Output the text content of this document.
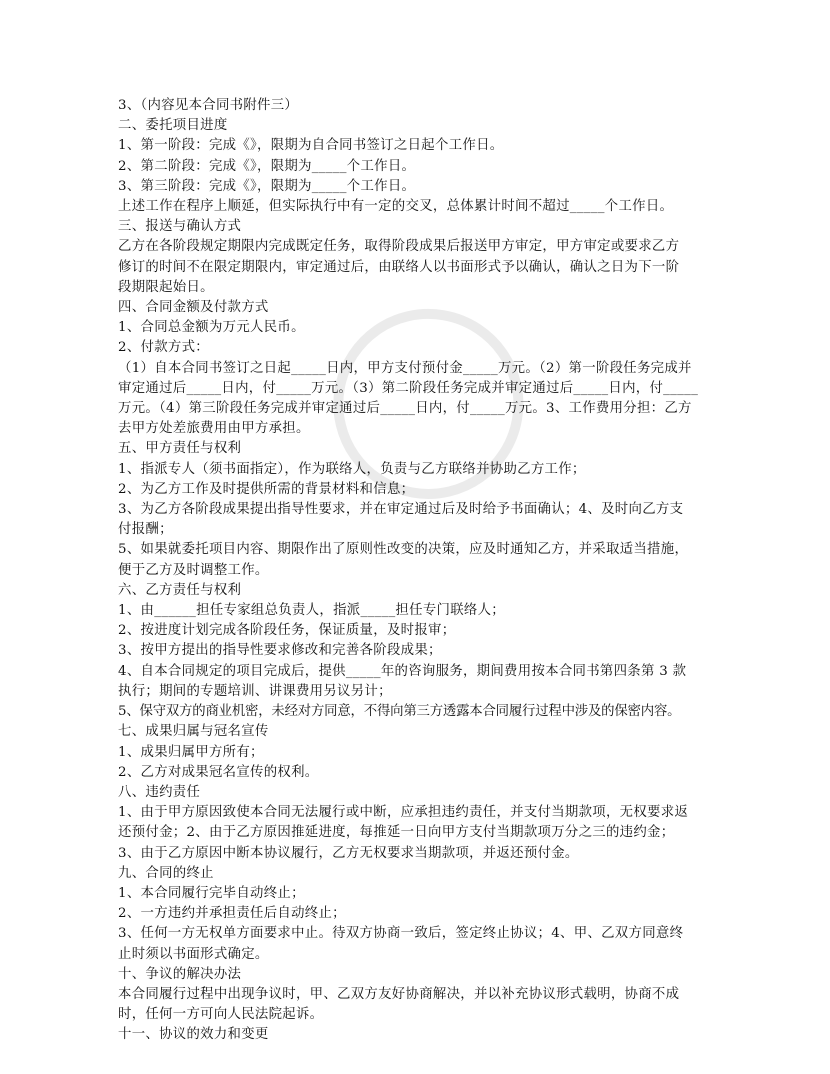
3、（内容见本合同书附件三）
二、委托项目进度
1、第一阶段：完成《》，限期为自合同书签订之日起个工作日。
2、第二阶段：完成《》，限期为_____个工作日。
3、第三阶段：完成《》，限期为_____个工作日。
上述工作在程序上顺延，但实际执行中有一定的交叉，总体累计时间不超过_____个工作日。
三、报送与确认方式
乙方在各阶段规定期限内完成既定任务，取得阶段成果后报送甲方审定，甲方审定或要求乙方
修订的时间不在限定期限内，审定通过后，由联络人以书面形式予以确认，确认之日为下一阶
段期限起始日。
四、合同金额及付款方式
1、合同总金额为万元人民币。
2、付款方式：
（1）自本合同书签订之日起_____日内，甲方支付预付金_____万元。（2）第一阶段任务完成并
审定通过后_____日内，付_____万元。（3）第二阶段任务完成并审定通过后_____日内，付_____
万元。（4）第三阶段任务完成并审定通过后_____日内，付_____万元。3、工作费用分担：乙方
去甲方处差旅费用由甲方承担。
五、甲方责任与权利
1、指派专人（须书面指定），作为联络人，负责与乙方联络并协助乙方工作；
2、为乙方工作及时提供所需的背景材料和信息；
3、为乙方各阶段成果提出指导性要求，并在审定通过后及时给予书面确认；4、及时向乙方支
付报酬；
5、如果就委托项目内容、期限作出了原则性改变的决策，应及时通知乙方，并采取适当措施，
便于乙方及时调整工作。
六、乙方责任与权利
1、由______担任专家组总负责人，指派_____担任专门联络人；
2、按进度计划完成各阶段任务，保证质量，及时报审；
3、按甲方提出的指导性要求修改和完善各阶段成果；
4、自本合同规定的项目完成后，提供_____年的咨询服务，期间费用按本合同书第四条第 3 款
执行；期间的专题培训、讲课费用另议另计；
5、保守双方的商业机密，未经对方同意，不得向第三方透露本合同履行过程中涉及的保密内容。
七、成果归属与冠名宣传
1、成果归属甲方所有；
2、乙方对成果冠名宣传的权利。
八、违约责任
1、由于甲方原因致使本合同无法履行或中断，应承担违约责任，并支付当期款项，无权要求返
还预付金；2、由于乙方原因推延进度，每推延一日向甲方支付当期款项万分之三的违约金；
3、由于乙方原因中断本协议履行，乙方无权要求当期款项，并返还预付金。
九、合同的终止
1、本合同履行完毕自动终止；
2、一方违约并承担责任后自动终止；
3、任何一方无权单方面要求中止。待双方协商一致后，签定终止协议；4、甲、乙双方同意终
止时须以书面形式确定。
十、争议的解决办法
本合同履行过程中出现争议时，甲、乙双方友好协商解决，并以补充协议形式载明，协商不成
时，任何一方可向人民法院起诉。
十一、协议的效力和变更
